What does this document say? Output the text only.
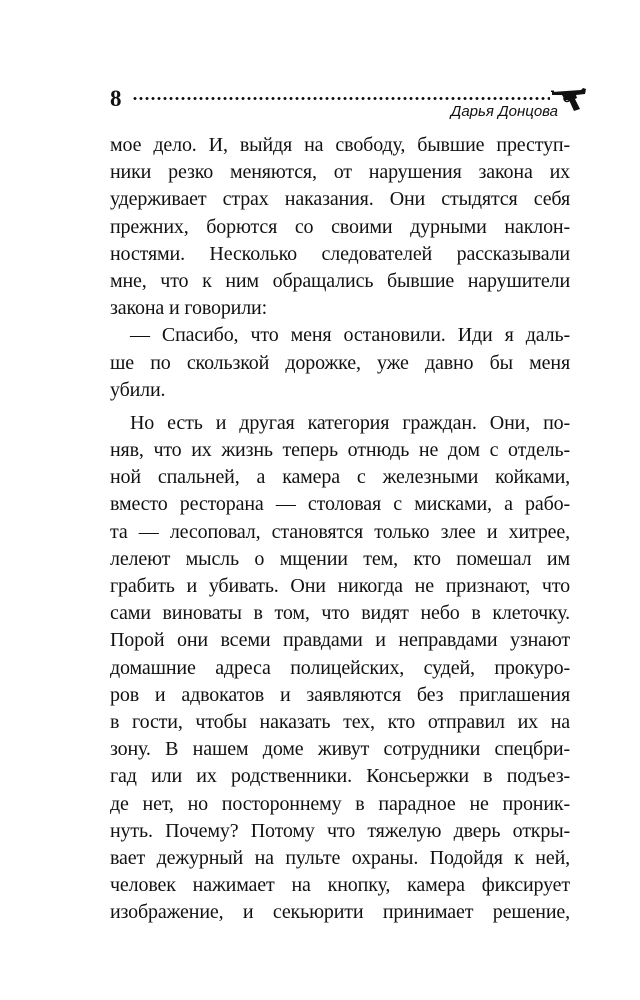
8
Дарья Донцова
мое дело. И, выйдя на свободу, бывшие преступ-
ники резко меняются, от нарушения закона их
удерживает страх наказания. Они стыдятся себя
прежних, борются со своими дурными наклон-
ностями. Несколько следователей рассказывали
мне, что к ним обращались бывшие нарушители
закона и говорили:
— Спасибо, что меня остановили. Иди я даль-
ше по скользкой дорожке, уже давно бы меня
убили.
Но есть и другая категория граждан. Они, по-
няв, что их жизнь теперь отнюдь не дом с отдель-
ной спальней, а камера с железными койками,
вместо ресторана — столовая с мисками, а рабо-
та — лесоповал, становятся только злее и хитрее,
лелеют мысль о мщении тем, кто помешал им
грабить и убивать. Они никогда не признают, что
сами виноваты в том, что видят небо в клеточку.
Порой они всеми правдами и неправдами узнают
домашние адреса полицейских, судей, прокуро-
ров и адвокатов и заявляются без приглашения
в гости, чтобы наказать тех, кто отправил их на
зону. В нашем доме живут сотрудники спецбри-
гад или их родственники. Консьержки в подъез-
де нет, но постороннему в парадное не проник-
нуть. Почему? Потому что тяжелую дверь откры-
вает дежурный на пульте охраны. Подойдя к ней,
человек нажимает на кнопку, камера фиксирует
изображение, и секьюрити принимает решение,
